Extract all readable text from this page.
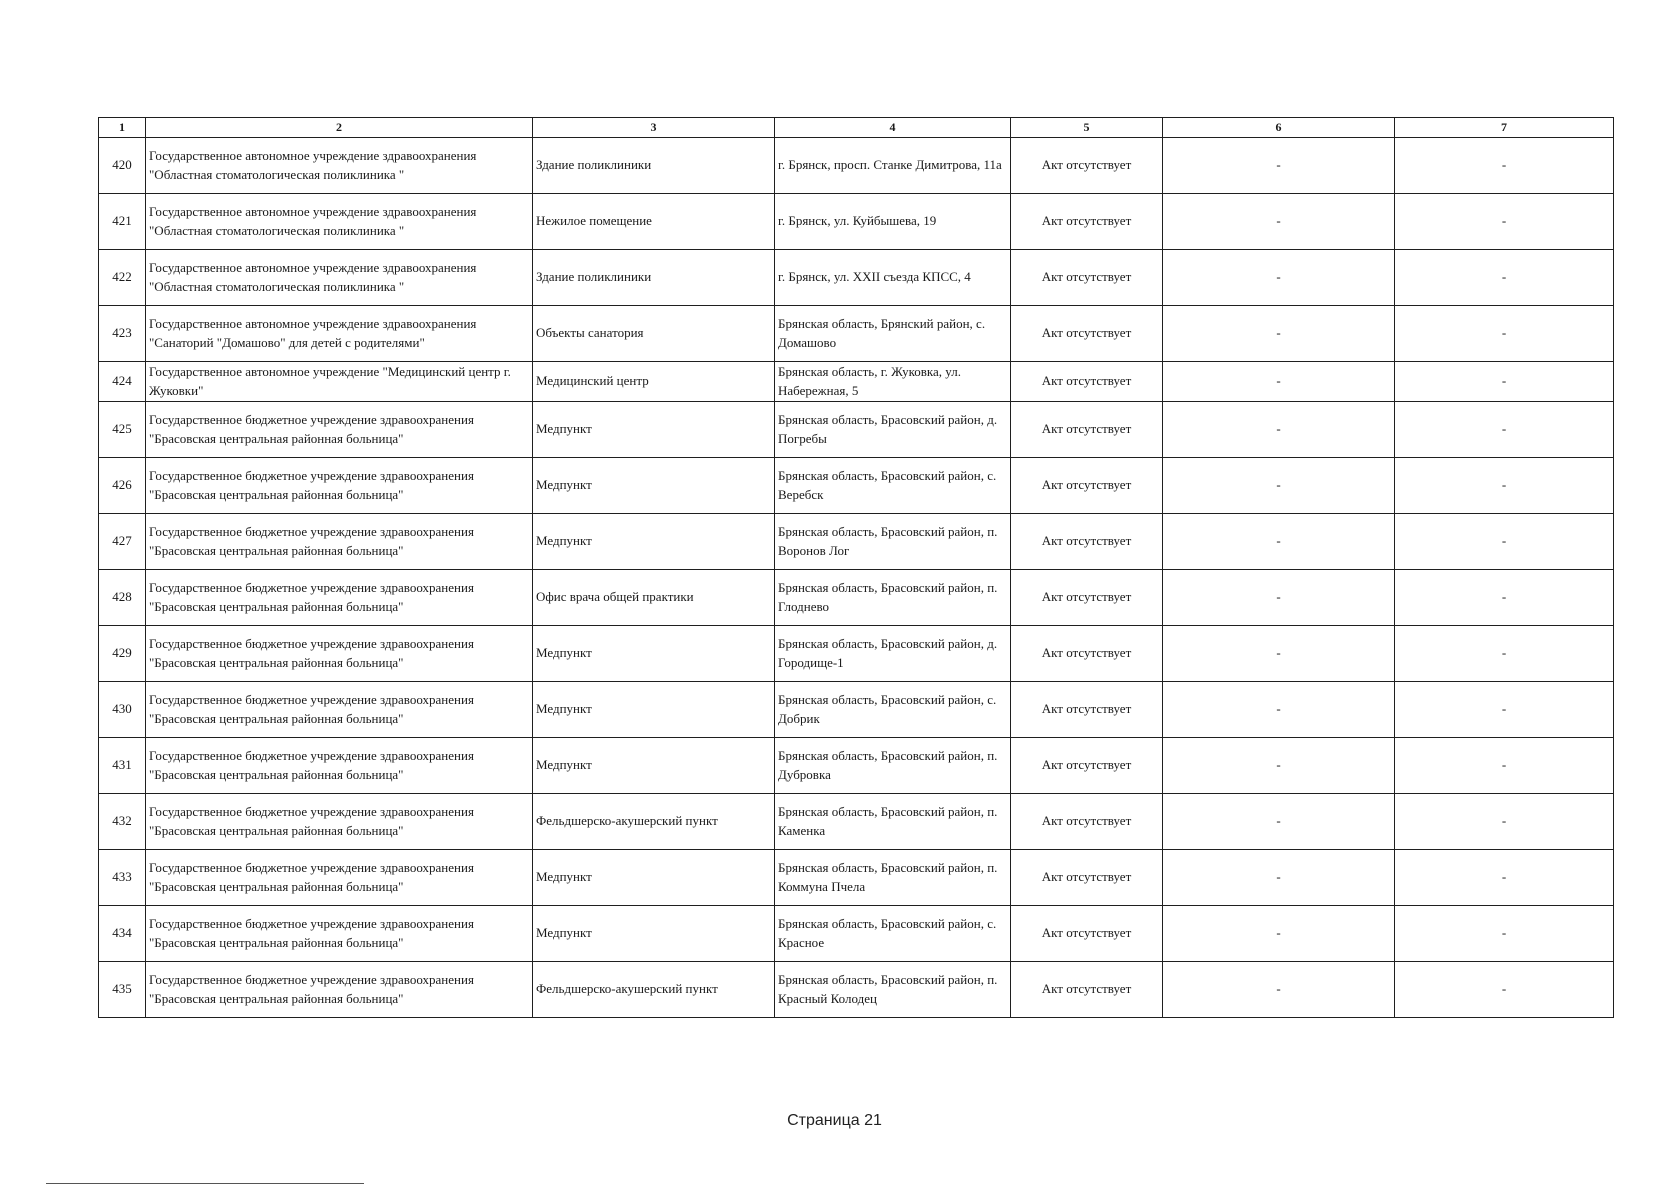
1	2	3	4	5	6	7
420	Государственное автономное учреждение здравоохранения "Областная стоматологическая поликлиника "	Здание поликлиники	г. Брянск, просп. Станке Димитрова, 11а	Акт отсутствует	-	-
421	Государственное автономное учреждение здравоохранения "Областная стоматологическая поликлиника "	Нежилое помещение	г. Брянск, ул. Куйбышева, 19	Акт отсутствует	-	-
422	Государственное автономное учреждение здравоохранения "Областная стоматологическая поликлиника "	Здание поликлиники	г. Брянск, ул. XXII съезда КПСС, 4	Акт отсутствует	-	-
423	Государственное автономное учреждение здравоохранения "Санаторий "Домашово" для детей с родителями"	Объекты санатория	Брянская область, Брянский район, с. Домашово	Акт отсутствует	-	-
424	Государственное автономное учреждение "Медицинский центр г. Жуковки"	Медицинский центр	Брянская область, г. Жуковка, ул. Набережная, 5	Акт отсутствует	-	-
425	Государственное бюджетное учреждение здравоохранения "Брасовская центральная районная больница"	Медпункт	Брянская область, Брасовский район, д. Погребы	Акт отсутствует	-	-
426	Государственное бюджетное учреждение здравоохранения "Брасовская центральная районная больница"	Медпункт	Брянская область, Брасовский район, с. Веребск	Акт отсутствует	-	-
427	Государственное бюджетное учреждение здравоохранения "Брасовская центральная районная больница"	Медпункт	Брянская область, Брасовский район, п. Воронов Лог	Акт отсутствует	-	-
428	Государственное бюджетное учреждение здравоохранения "Брасовская центральная районная больница"	Офис врача общей практики	Брянская область, Брасовский район, п. Глоднево	Акт отсутствует	-	-
429	Государственное бюджетное учреждение здравоохранения "Брасовская центральная районная больница"	Медпункт	Брянская область, Брасовский район, д. Городище-1	Акт отсутствует	-	-
430	Государственное бюджетное учреждение здравоохранения "Брасовская центральная районная больница"	Медпункт	Брянская область, Брасовский район, с. Добрик	Акт отсутствует	-	-
431	Государственное бюджетное учреждение здравоохранения "Брасовская центральная районная больница"	Медпункт	Брянская область, Брасовский район, п. Дубровка	Акт отсутствует	-	-
432	Государственное бюджетное учреждение здравоохранения "Брасовская центральная районная больница"	Фельдшерско-акушерский пункт	Брянская область, Брасовский район, п. Каменка	Акт отсутствует	-	-
433	Государственное бюджетное учреждение здравоохранения "Брасовская центральная районная больница"	Медпункт	Брянская область, Брасовский район, п. Коммуна Пчела	Акт отсутствует	-	-
434	Государственное бюджетное учреждение здравоохранения "Брасовская центральная районная больница"	Медпункт	Брянская область, Брасовский район, с. Красное	Акт отсутствует	-	-
435	Государственное бюджетное учреждение здравоохранения "Брасовская центральная районная больница"	Фельдшерско-акушерский пункт	Брянская область, Брасовский район, п. Красный Колодец	Акт отсутствует	-	-
Страница 21
